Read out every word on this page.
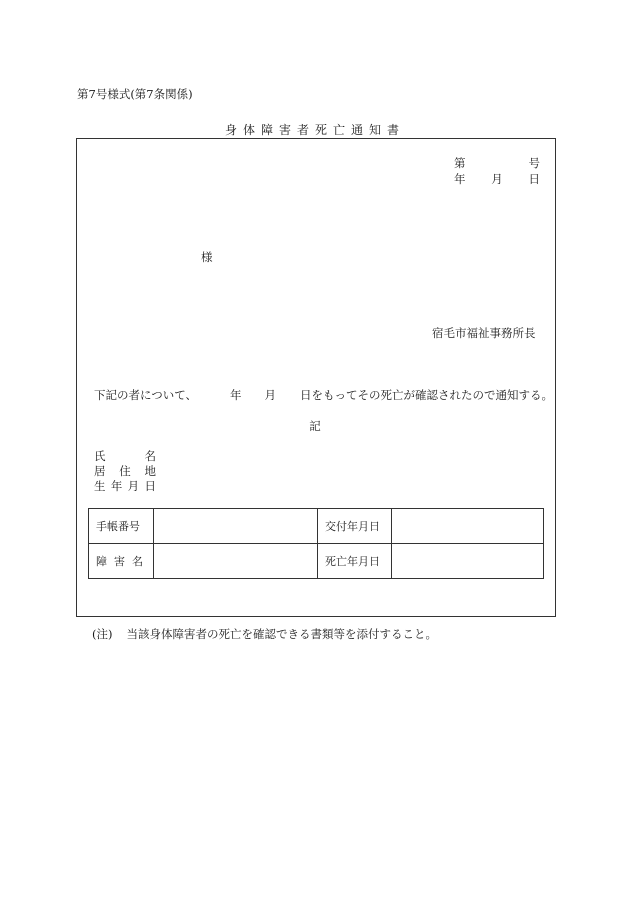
第7号様式(第7条関係)
身体障害者死亡通知書
第	号
年 月 日
様
宿毛市福祉事務所長
下記の者について、	年 月 日をもってその死亡が確認されたので通知する。
記
氏	名
居 住 地
生 年 月 日
手帳番号		交付年月日	
障害名		死亡年月日	
(注) 当該身体障害者の死亡を確認できる書類等を添付すること。
